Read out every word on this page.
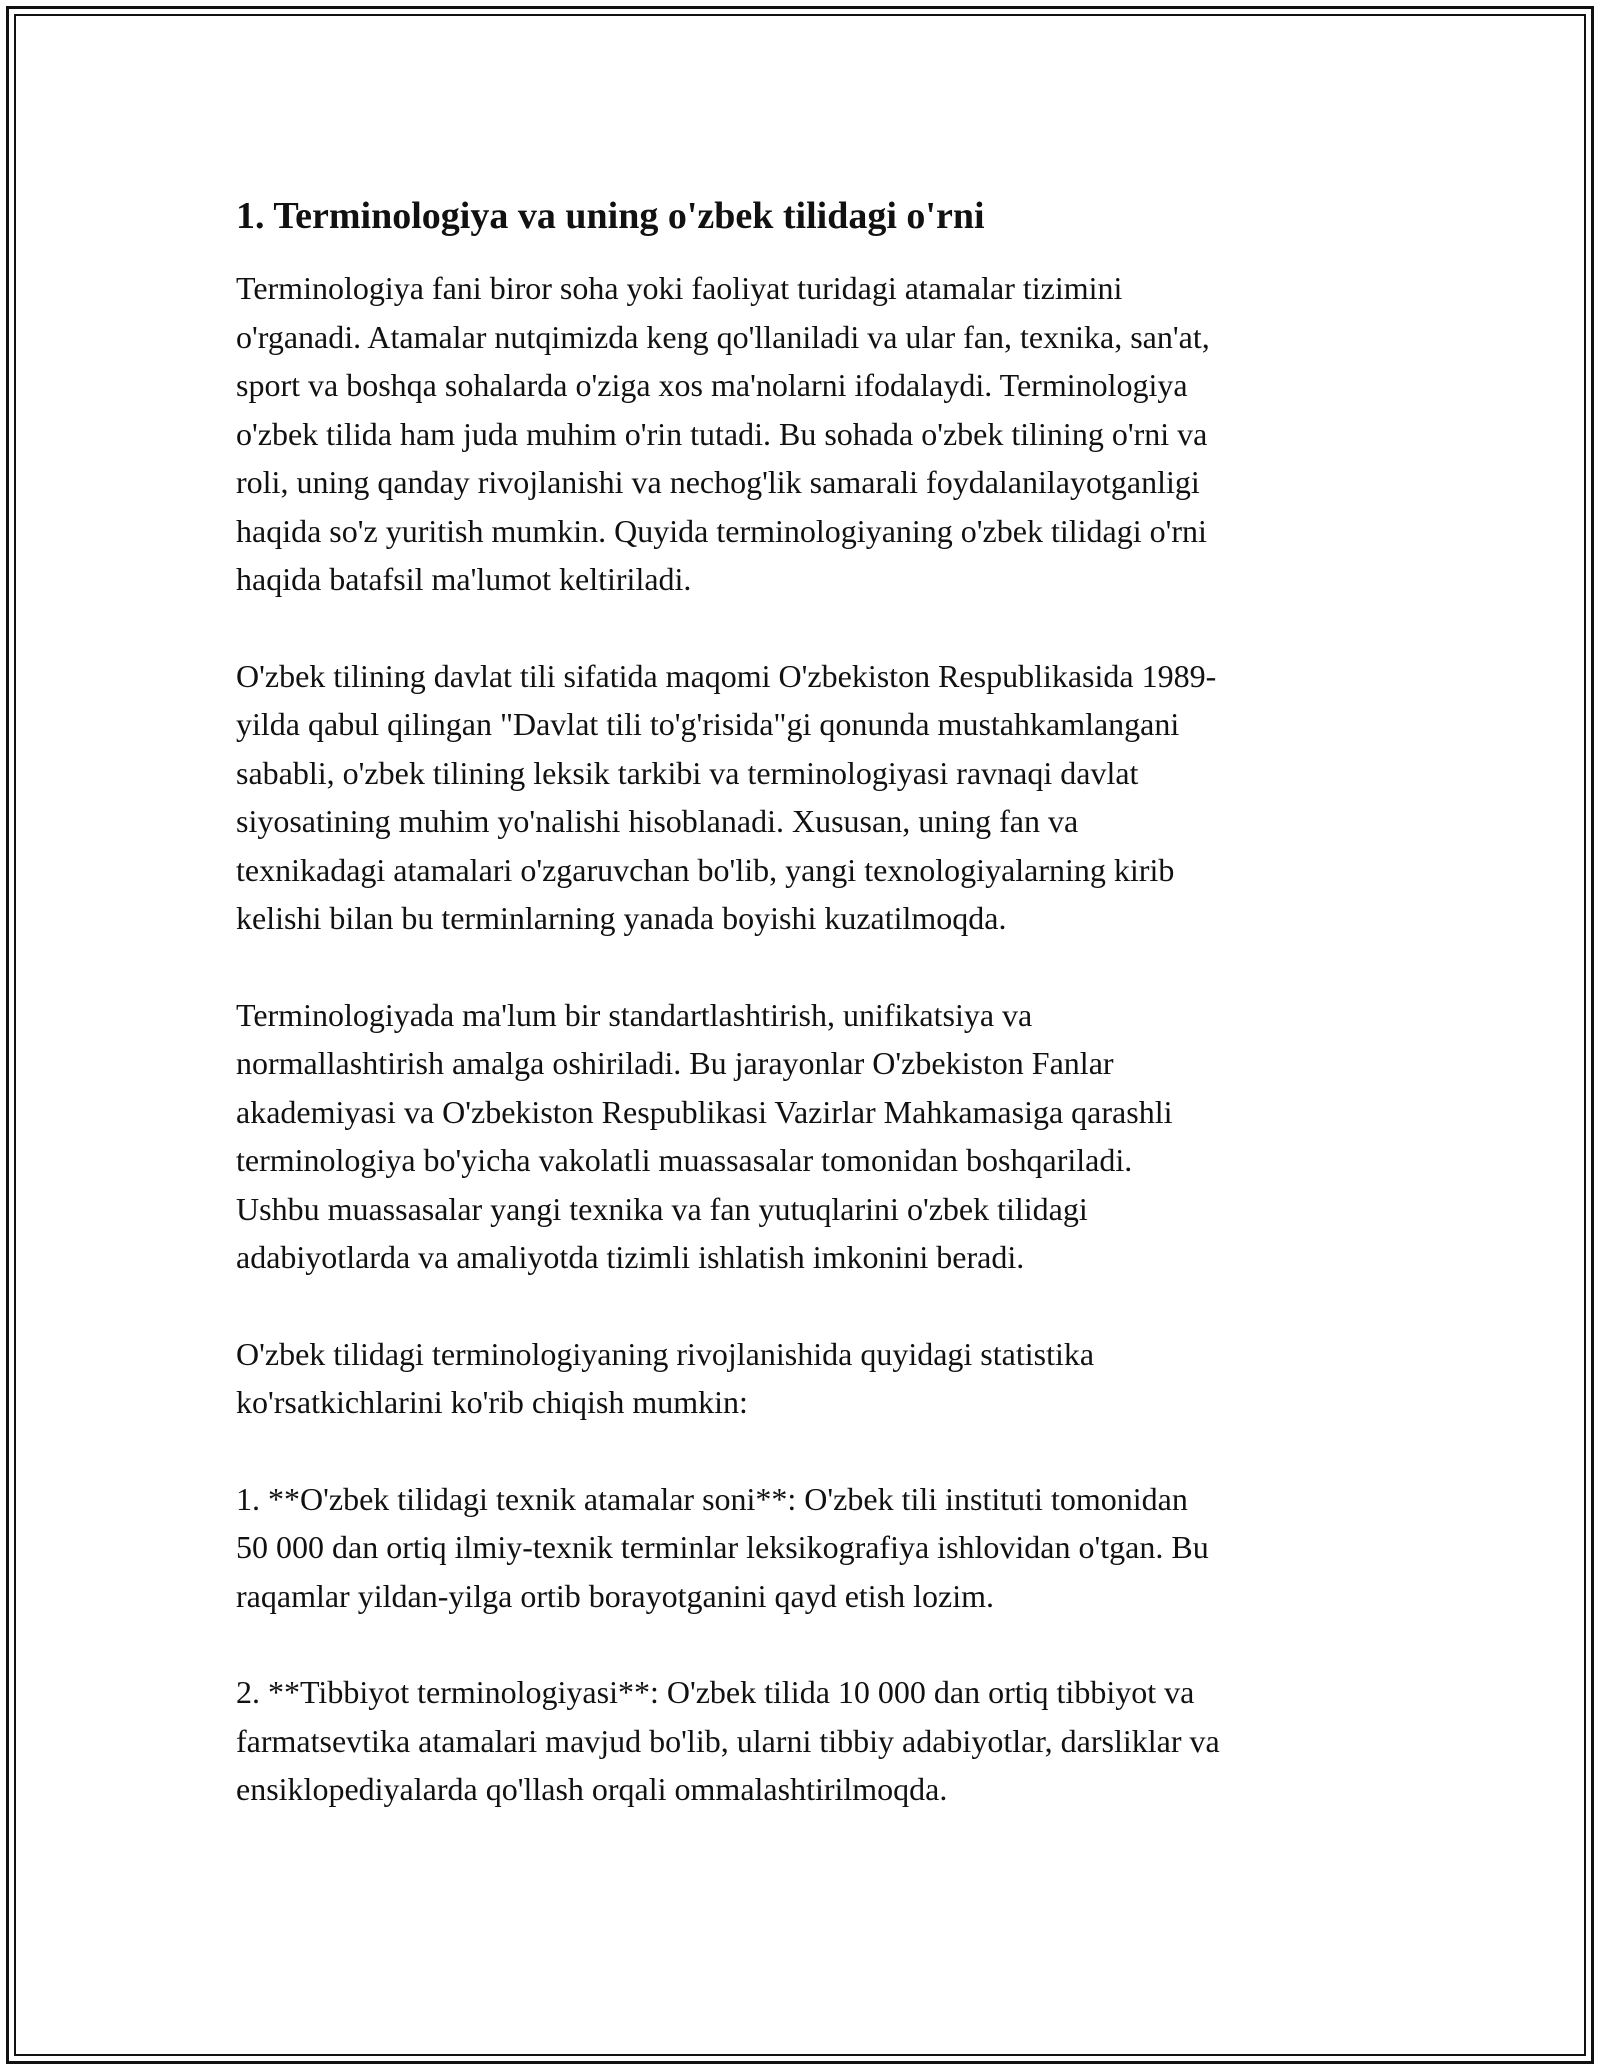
1. Terminologiya va uning o'zbek tilidagi o'rni

Terminologiya fani biror soha yoki faoliyat turidagi atamalar tizimini
o'rganadi. Atamalar nutqimizda keng qo'llaniladi va ular fan, texnika, san'at,
sport va boshqa sohalarda o'ziga xos ma'nolarni ifodalaydi. Terminologiya
o'zbek tilida ham juda muhim o'rin tutadi. Bu sohada o'zbek tilining o'rni va
roli, uning qanday rivojlanishi va nechog'lik samarali foydalanilayotganligi
haqida so'z yuritish mumkin. Quyida terminologiyaning o'zbek tilidagi o'rni
haqida batafsil ma'lumot keltiriladi.

O'zbek tilining davlat tili sifatida maqomi O'zbekiston Respublikasida 1989-
yilda qabul qilingan "Davlat tili to'g'risida"gi qonunda mustahkamlangani
sababli, o'zbek tilining leksik tarkibi va terminologiyasi ravnaqi davlat
siyosatining muhim yo'nalishi hisoblanadi. Xususan, uning fan va
texnikadagi atamalari o'zgaruvchan bo'lib, yangi texnologiyalarning kirib
kelishi bilan bu terminlarning yanada boyishi kuzatilmoqda.

Terminologiyada ma'lum bir standartlashtirish, unifikatsiya va
normallashtirish amalga oshiriladi. Bu jarayonlar O'zbekiston Fanlar
akademiyasi va O'zbekiston Respublikasi Vazirlar Mahkamasiga qarashli
terminologiya bo'yicha vakolatli muassasalar tomonidan boshqariladi.
Ushbu muassasalar yangi texnika va fan yutuqlarini o'zbek tilidagi
adabiyotlarda va amaliyotda tizimli ishlatish imkonini beradi.

O'zbek tilidagi terminologiyaning rivojlanishida quyidagi statistika
ko'rsatkichlarini ko'rib chiqish mumkin:

1. **O'zbek tilidagi texnik atamalar soni**: O'zbek tili instituti tomonidan
50 000 dan ortiq ilmiy-texnik terminlar leksikografiya ishlovidan o'tgan. Bu
raqamlar yildan-yilga ortib borayotganini qayd etish lozim.

2. **Tibbiyot terminologiyasi**: O'zbek tilida 10 000 dan ortiq tibbiyot va
farmatsevtika atamalari mavjud bo'lib, ularni tibbiy adabiyotlar, darsliklar va
ensiklopediyalarda qo'llash orqali ommalashtirilmoqda.
